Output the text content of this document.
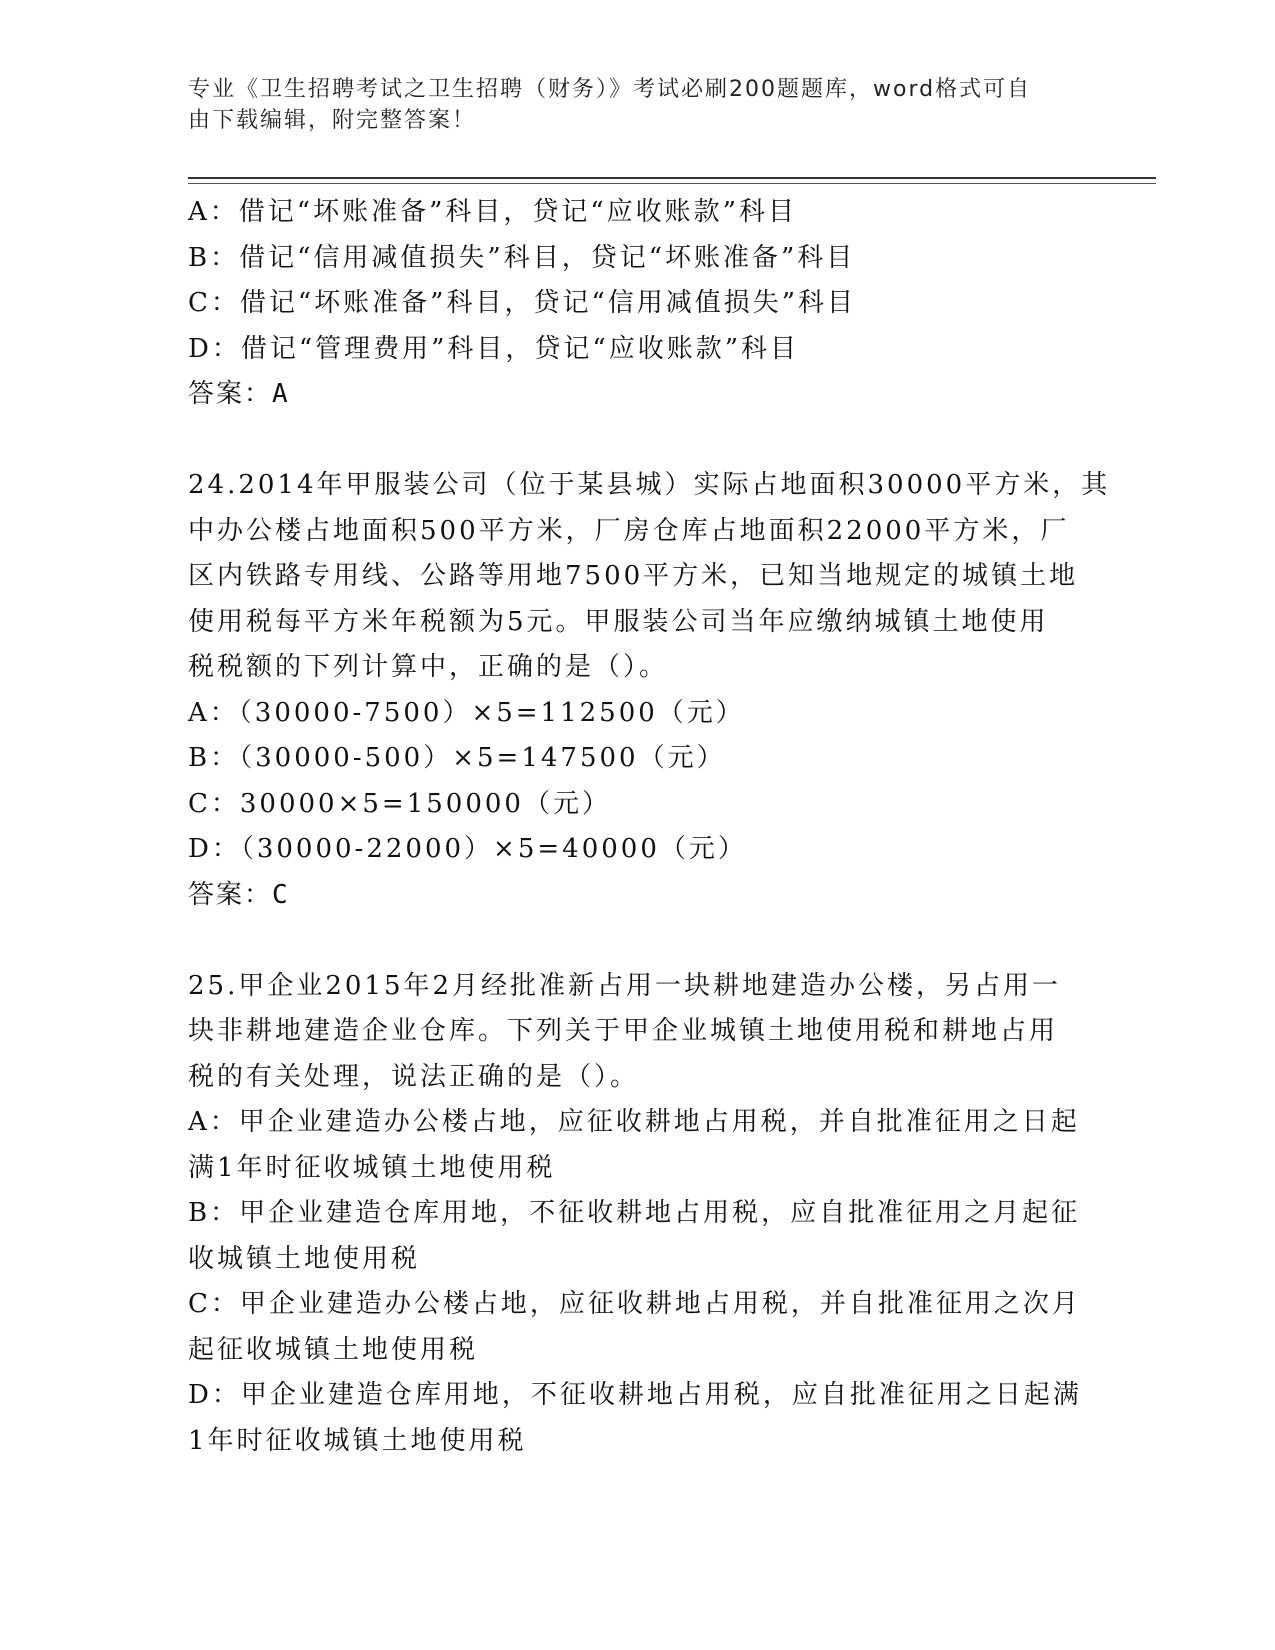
专业《卫生招聘考试之卫生招聘（财务）》考试必刷200题题库，word格式可自
由下载编辑，附完整答案！
A：借记“坏账准备”科目，贷记“应收账款”科目
B：借记“信用减值损失”科目，贷记“坏账准备”科目
C：借记“坏账准备”科目，贷记“信用减值损失”科目
D：借记“管理费用”科目，贷记“应收账款”科目
答案：A
24.2014年甲服装公司（位于某县城）实际占地面积30000平方米，其
中办公楼占地面积500平方米，厂房仓库占地面积22000平方米，厂
区内铁路专用线、公路等用地7500平方米，已知当地规定的城镇土地
使用税每平方米年税额为5元。甲服装公司当年应缴纳城镇土地使用
税税额的下列计算中，正确的是（）。
A：（30000-7500）×5=112500（元）
B：（30000-500）×5=147500（元）
C：30000×5=150000（元）
D：（30000-22000）×5=40000（元）
答案：C
25.甲企业2015年2月经批准新占用一块耕地建造办公楼，另占用一
块非耕地建造企业仓库。下列关于甲企业城镇土地使用税和耕地占用
税的有关处理，说法正确的是（）。
A：甲企业建造办公楼占地，应征收耕地占用税，并自批准征用之日起
满1年时征收城镇土地使用税
B：甲企业建造仓库用地，不征收耕地占用税，应自批准征用之月起征
收城镇土地使用税
C：甲企业建造办公楼占地，应征收耕地占用税，并自批准征用之次月
起征收城镇土地使用税
D：甲企业建造仓库用地，不征收耕地占用税，应自批准征用之日起满
1年时征收城镇土地使用税
